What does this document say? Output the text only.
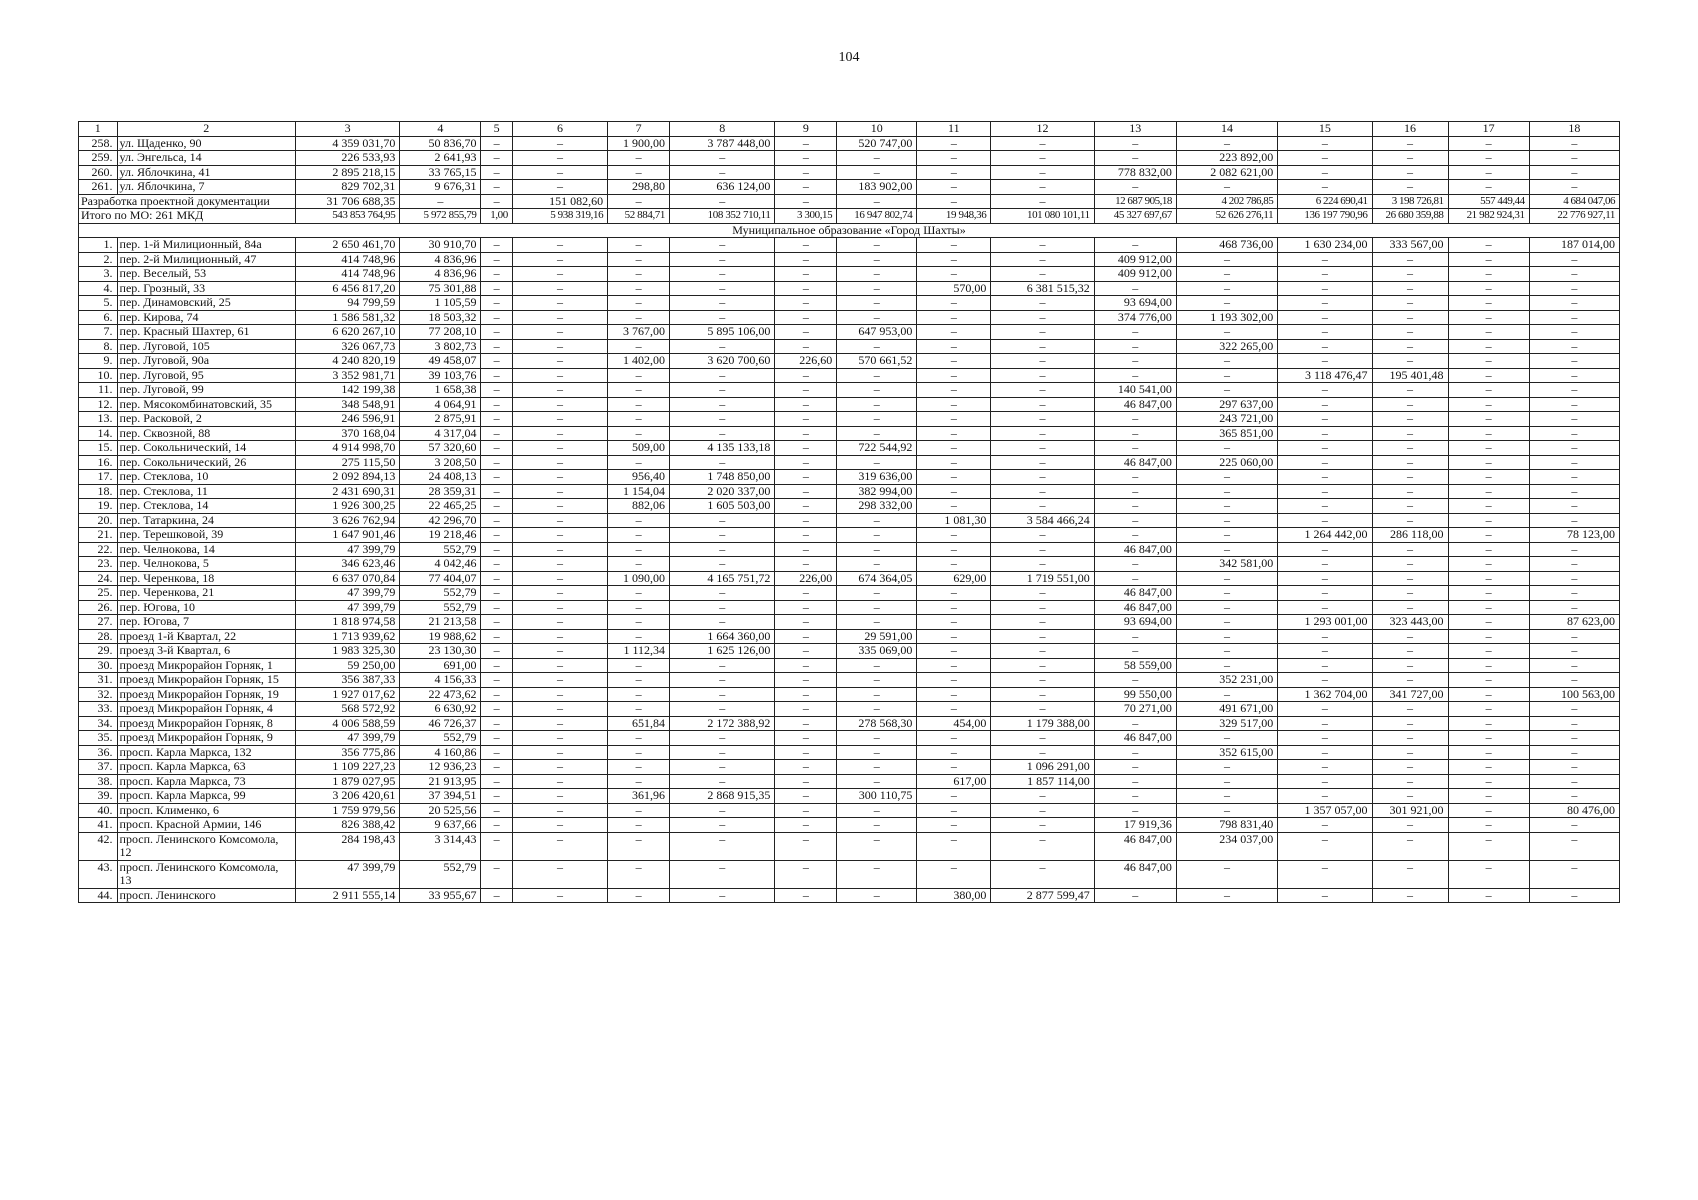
104
1	2	3	4	5	6	7	8	9	10	11	12	13	14	15	16	17	18
258.	ул. Щаденко, 90	4 359 031,70	50 836,70	–	–	1 900,00	3 787 448,00	–	520 747,00	–	–	–	–	–	–	–	–
259.	ул. Энгельса, 14	226 533,93	2 641,93	–	–	–	–	–	–	–	–	–	223 892,00	–	–	–	–
260.	ул. Яблочкина, 41	2 895 218,15	33 765,15	–	–	–	–	–	–	–	–	778 832,00	2 082 621,00	–	–	–	–
261.	ул. Яблочкина, 7	829 702,31	9 676,31	–	–	298,80	636 124,00	–	183 902,00	–	–	–	–	–	–	–	–
Разработка проектной документации		31 706 688,35	–	–	151 082,60	–	–	–	–	–	–	12 687 905,18	4 202 786,85	6 224 690,41	3 198 726,81	557 449,44	4 684 047,06
Итого по МО: 261 МКД		543 853 764,95	5 972 855,79	1,00	5 938 319,16	52 884,71	108 352 710,11	3 300,15	16 947 802,74	19 948,36	101 080 101,11	45 327 697,67	52 626 276,11	136 197 790,96	26 680 359,88	21 982 924,31	22 776 927,11
Муниципальное образование «Город Шахты»																	
1.	пер. 1-й Милиционный, 84а	2 650 461,70	30 910,70	–	–	–	–	–	–	–	–	–	468 736,00	1 630 234,00	333 567,00	–	187 014,00
2.	пер. 2-й Милиционный, 47	414 748,96	4 836,96	–	–	–	–	–	–	–	–	409 912,00	–	–	–	–	–
3.	пер. Веселый, 53	414 748,96	4 836,96	–	–	–	–	–	–	–	–	409 912,00	–	–	–	–	–
4.	пер. Грозный, 33	6 456 817,20	75 301,88	–	–	–	–	–	–	570,00	6 381 515,32	–	–	–	–	–	–
5.	пер. Динамовский, 25	94 799,59	1 105,59	–	–	–	–	–	–	–	–	93 694,00	–	–	–	–	–
6.	пер. Кирова, 74	1 586 581,32	18 503,32	–	–	–	–	–	–	–	–	374 776,00	1 193 302,00	–	–	–	–
7.	пер. Красный Шахтер, 61	6 620 267,10	77 208,10	–	–	3 767,00	5 895 106,00	–	647 953,00	–	–	–	–	–	–	–	–
8.	пер. Луговой, 105	326 067,73	3 802,73	–	–	–	–	–	–	–	–	–	322 265,00	–	–	–	–
9.	пер. Луговой, 90а	4 240 820,19	49 458,07	–	–	1 402,00	3 620 700,60	226,60	570 661,52	–	–	–	–	–	–	–	–
10.	пер. Луговой, 95	3 352 981,71	39 103,76	–	–	–	–	–	–	–	–	–	–	3 118 476,47	195 401,48	–	–
11.	пер. Луговой, 99	142 199,38	1 658,38	–	–	–	–	–	–	–	–	140 541,00	–	–	–	–	–
12.	пер. Мясокомбинатовский, 35	348 548,91	4 064,91	–	–	–	–	–	–	–	–	46 847,00	297 637,00	–	–	–	–
13.	пер. Расковой, 2	246 596,91	2 875,91	–	–	–	–	–	–	–	–	–	243 721,00	–	–	–	–
14.	пер. Сквозной, 88	370 168,04	4 317,04	–	–	–	–	–	–	–	–	–	365 851,00	–	–	–	–
15.	пер. Сокольнический, 14	4 914 998,70	57 320,60	–	–	509,00	4 135 133,18	–	722 544,92	–	–	–	–	–	–	–	–
16.	пер. Сокольнический, 26	275 115,50	3 208,50	–	–	–	–	–	–	–	–	46 847,00	225 060,00	–	–	–	–
17.	пер. Стеклова, 10	2 092 894,13	24 408,13	–	–	956,40	1 748 850,00	–	319 636,00	–	–	–	–	–	–	–	–
18.	пер. Стеклова, 11	2 431 690,31	28 359,31	–	–	1 154,04	2 020 337,00	–	382 994,00	–	–	–	–	–	–	–	–
19.	пер. Стеклова, 14	1 926 300,25	22 465,25	–	–	882,06	1 605 503,00	–	298 332,00	–	–	–	–	–	–	–	–
20.	пер. Татаркина, 24	3 626 762,94	42 296,70	–	–	–	–	–	–	1 081,30	3 584 466,24	–	–	–	–	–	–
21.	пер. Терешковой, 39	1 647 901,46	19 218,46	–	–	–	–	–	–	–	–	–	–	1 264 442,00	286 118,00	–	78 123,00
22.	пер. Челнокова, 14	47 399,79	552,79	–	–	–	–	–	–	–	–	46 847,00	–	–	–	–	–
23.	пер. Челнокова, 5	346 623,46	4 042,46	–	–	–	–	–	–	–	–	–	342 581,00	–	–	–	–
24.	пер. Черенкова, 18	6 637 070,84	77 404,07	–	–	1 090,00	4 165 751,72	226,00	674 364,05	629,00	1 719 551,00	–	–	–	–	–	–
25.	пер. Черенкова, 21	47 399,79	552,79	–	–	–	–	–	–	–	–	46 847,00	–	–	–	–	–
26.	пер. Югова, 10	47 399,79	552,79	–	–	–	–	–	–	–	–	46 847,00	–	–	–	–	–
27.	пер. Югова, 7	1 818 974,58	21 213,58	–	–	–	–	–	–	–	–	93 694,00	–	1 293 001,00	323 443,00	–	87 623,00
28.	проезд 1-й Квартал, 22	1 713 939,62	19 988,62	–	–	–	1 664 360,00	–	29 591,00	–	–	–	–	–	–	–	–
29.	проезд 3-й Квартал, 6	1 983 325,30	23 130,30	–	–	1 112,34	1 625 126,00	–	335 069,00	–	–	–	–	–	–	–	–
30.	проезд Микрорайон Горняк, 1	59 250,00	691,00	–	–	–	–	–	–	–	–	58 559,00	–	–	–	–	–
31.	проезд Микрорайон Горняк, 15	356 387,33	4 156,33	–	–	–	–	–	–	–	–	–	352 231,00	–	–	–	–
32.	проезд Микрорайон Горняк, 19	1 927 017,62	22 473,62	–	–	–	–	–	–	–	–	99 550,00	–	1 362 704,00	341 727,00	–	100 563,00
33.	проезд Микрорайон Горняк, 4	568 572,92	6 630,92	–	–	–	–	–	–	–	–	70 271,00	491 671,00	–	–	–	–
34.	проезд Микрорайон Горняк, 8	4 006 588,59	46 726,37	–	–	651,84	2 172 388,92	–	278 568,30	454,00	1 179 388,00	–	329 517,00	–	–	–	–
35.	проезд Микрорайон Горняк, 9	47 399,79	552,79	–	–	–	–	–	–	–	–	46 847,00	–	–	–	–	–
36.	просп. Карла Маркса, 132	356 775,86	4 160,86	–	–	–	–	–	–	–	–	–	352 615,00	–	–	–	–
37.	просп. Карла Маркса, 63	1 109 227,23	12 936,23	–	–	–	–	–	–	–	1 096 291,00	–	–	–	–	–	–
38.	просп. Карла Маркса, 73	1 879 027,95	21 913,95	–	–	–	–	–	–	617,00	1 857 114,00	–	–	–	–	–	–
39.	просп. Карла Маркса, 99	3 206 420,61	37 394,51	–	–	361,96	2 868 915,35	–	300 110,75	–	–	–	–	–	–	–	–
40.	просп. Клименко, 6	1 759 979,56	20 525,56	–	–	–	–	–	–	–	–	–	–	1 357 057,00	301 921,00	–	80 476,00
41.	просп. Красной Армии, 146	826 388,42	9 637,66	–	–	–	–	–	–	–	–	17 919,36	798 831,40	–	–	–	–
42.	просп. Ленинского Комсомола, 12	284 198,43	3 314,43	–	–	–	–	–	–	–	–	46 847,00	234 037,00	–	–	–	–
43.	просп. Ленинского Комсомола, 13	47 399,79	552,79	–	–	–	–	–	–	–	–	46 847,00	–	–	–	–	–
44.	просп. Ленинского	2 911 555,14	33 955,67	–	–	–	–	–	–	380,00	2 877 599,47	–	–	–	–	–	–
